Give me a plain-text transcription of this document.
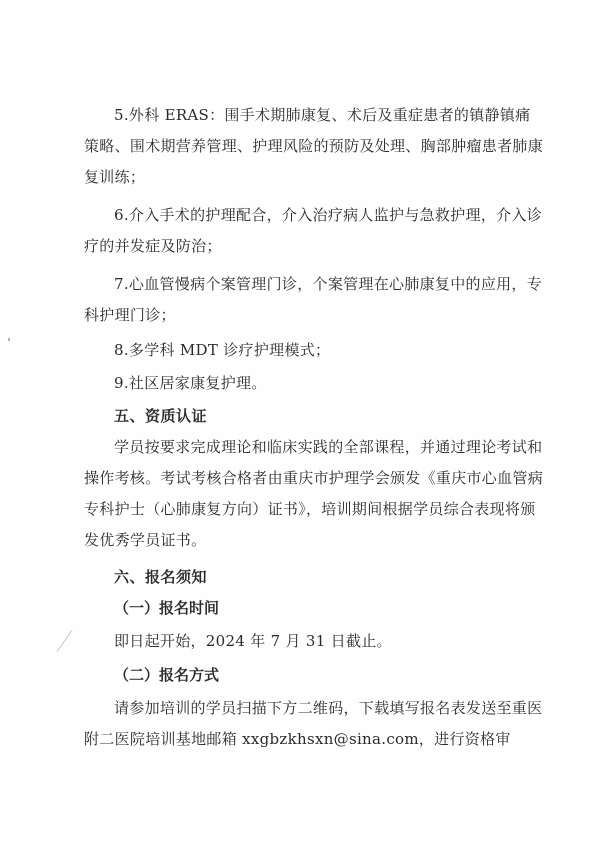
5.外科 ERAS：围手术期肺康复、术后及重症患者的镇静镇痛策略、围术期营养管理、护理风险的预防及处理、胸部肿瘤患者肺康复训练；

6.介入手术的护理配合，介入治疗病人监护与急救护理，介入诊疗的并发症及防治；

7.心血管慢病个案管理门诊，个案管理在心肺康复中的应用，专科护理门诊；

8.多学科 MDT 诊疗护理模式；

9.社区居家康复护理。

五、资质认证

学员按要求完成理论和临床实践的全部课程，并通过理论考试和操作考核。考试考核合格者由重庆市护理学会颁发《重庆市心血管病专科护士（心肺康复方向）证书》，培训期间根据学员综合表现将颁发优秀学员证书。

六、报名须知

（一）报名时间

即日起开始，2024 年 7 月 31 日截止。

（二）报名方式

请参加培训的学员扫描下方二维码，下载填写报名表发送至重医附二医院培训基地邮箱 xxgbzkhsxn@sina.com，进行资格审
